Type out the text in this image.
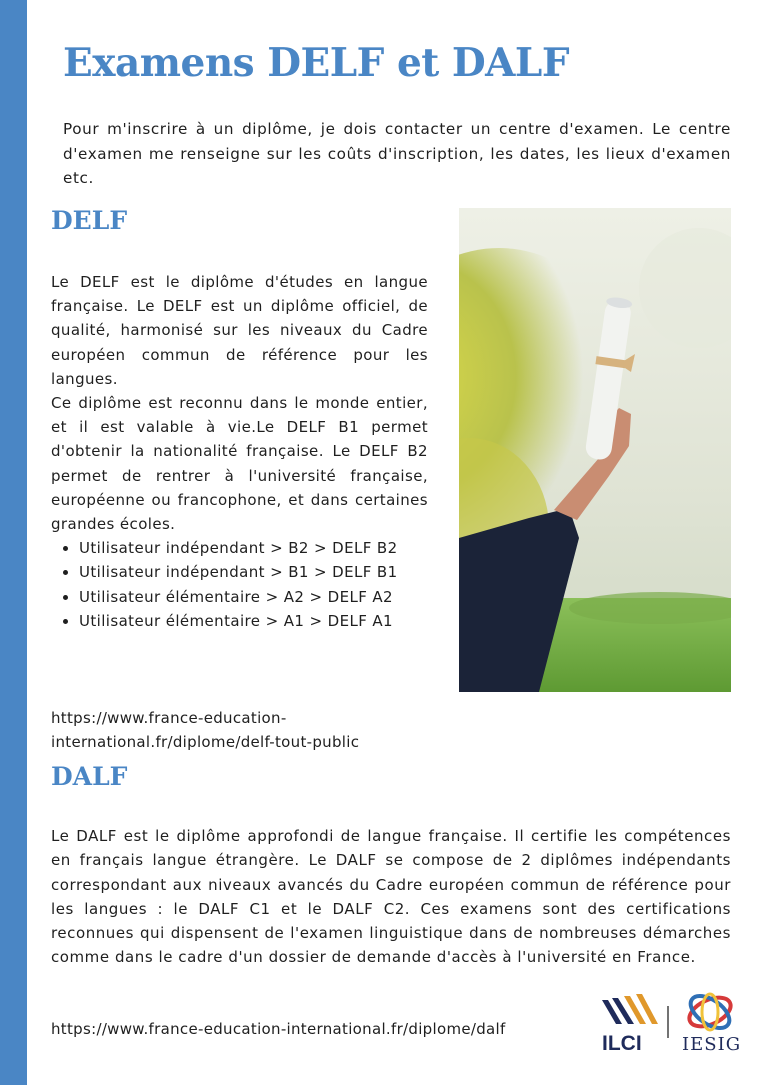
Examens DELF et DALF

Pour m'inscrire à un diplôme, je dois contacter un centre d'examen. Le centre d'examen me renseigne sur les coûts d'inscription, les dates, les lieux d'examen etc.

DELF

Le DELF est le diplôme d'études en langue française. Le DELF est un diplôme officiel, de qualité, harmonisé sur les niveaux du Cadre européen commun de référence pour les langues.

Ce diplôme est reconnu dans le monde entier, et il est valable à vie.Le DELF B1 permet d'obtenir la nationalité française. Le DELF B2 permet de rentrer à l'université française, européenne ou francophone, et dans certaines grandes écoles.

• Utilisateur indépendant > B2 > DELF B2
• Utilisateur indépendant > B1 > DELF B1
• Utilisateur élémentaire > A2 > DELF A2
• Utilisateur élémentaire > A1 > DELF A1
https://www.france-education-international.fr/diplome/delf-tout-public
DALF

Le DALF est le diplôme approfondi de langue française. Il certifie les compétences en français langue étrangère. Le DALF se compose de 2 diplômes indépendants correspondant aux niveaux avancés du Cadre européen commun de référence pour les langues : le DALF C1 et le DALF C2. Ces examens sont des certifications reconnues qui dispensent de l'examen linguistique dans de nombreuses démarches comme dans le cadre d'un dossier de demande d'accès à l'université en France.

https://www.france-education-international.fr/diplome/dalf
ILCI IESIG
